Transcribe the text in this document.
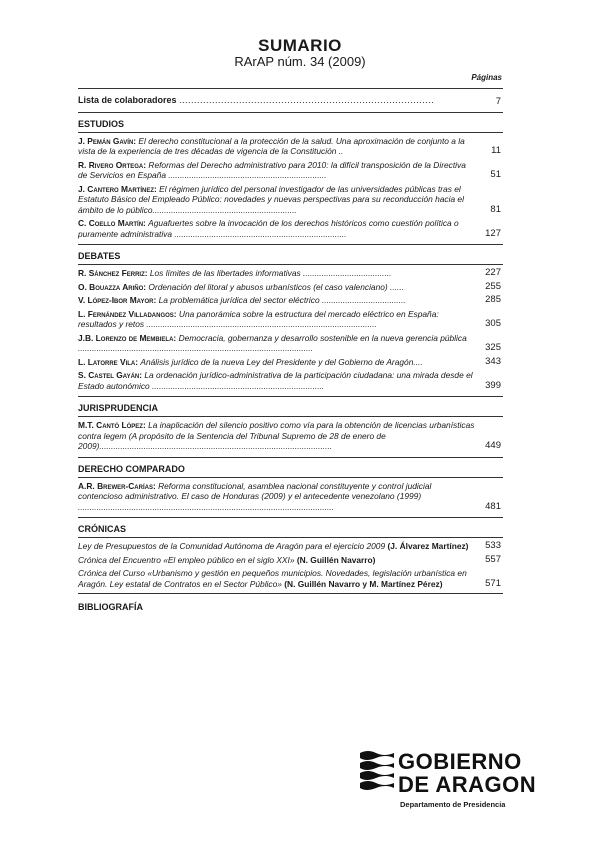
SUMARIO
RArAP núm. 34 (2009)
Páginas
Lista de colaboradores .....................................................................................	7
ESTUDIOS
J. Pemán Gavín: El derecho constitucional a la protección de la salud. Una aproximación de conjunto a la vista de la experiencia de tres décadas de vigencia de la Constitución ..	11
R. Rivero Ortega: Reformas del Derecho administrativo para 2010: la difícil transposición de la Directiva de Servicios en España ....................................................................	51
J. Cantero Martínez: El régimen jurídico del personal investigador de las universidades públicas tras el Estatuto Básico del Empleado Público: novedades y nuevas perspectivas para su reconducción hacia el ámbito de lo público..............................................................	81
C. Coello Martín: Aguafuertes sobre la invocación de los derechos históricos como cuestión política o puramente administrativa ..........................................................................	127
DEBATES
R. Sánchez Ferriz: Los límites de las libertades informativas ......................................	227
O. Bouazza Ariño: Ordenación del litoral y abusos urbanísticos (el caso valenciano) ......	255
V. López-Ibor Mayor: La problemática jurídica del sector eléctrico ....................................	285
L. Fernández Villadangos: Una panorámica sobre la estructura del mercado eléctrico en España: resultados y retos ...................................................................................................	305
J.B. Lorenzo de Membiela: Democracia, gobernanza y desarrollo sostenible en la nueva gerencia pública .....................................................................................................	325
L. Latorre Vila: Análisis jurídico de la nueva Ley del Presidente y del Gobierno de Aragón....	343
S. Castel Gayán: La ordenación jurídico-administrativa de la participación ciudadana: una mirada desde el Estado autonómico ..........................................................................	399
JURISPRUDENCIA
M.T. Cantó López: La inaplicación del silencio positivo como vía para la obtención de licencias urbanísticas contra legem (A propósito de la Sentencia del Tribunal Supremo de 28 de enero de 2009)....................................................................................................	449
DERECHO COMPARADO
A.R. Brewer-Carías: Reforma constitucional, asamblea nacional constituyente y control judicial contencioso administrativo. El caso de Honduras (2009) y el antecedente venezolano (1999) ..............................................................................................................	481
CRÓNICAS
Ley de Presupuestos de la Comunidad Autónoma de Aragón para el ejercicio 2009 (J. Álvarez Martínez)	533
Crónica del Encuentro «El empleo público en el siglo XXI» (N. Guillén Navarro)	557
Crónica del Curso «Urbanismo y gestión en pequeños municipios. Novedades, legislación urbanística en Aragón. Ley estatal de Contratos en el Sector Público» (N. Guillén Navarro y M. Martínez Pérez)	571
BIBLIOGRAFÍA
GOBIERNO
DE ARAGON
Departamento de Presidencia
